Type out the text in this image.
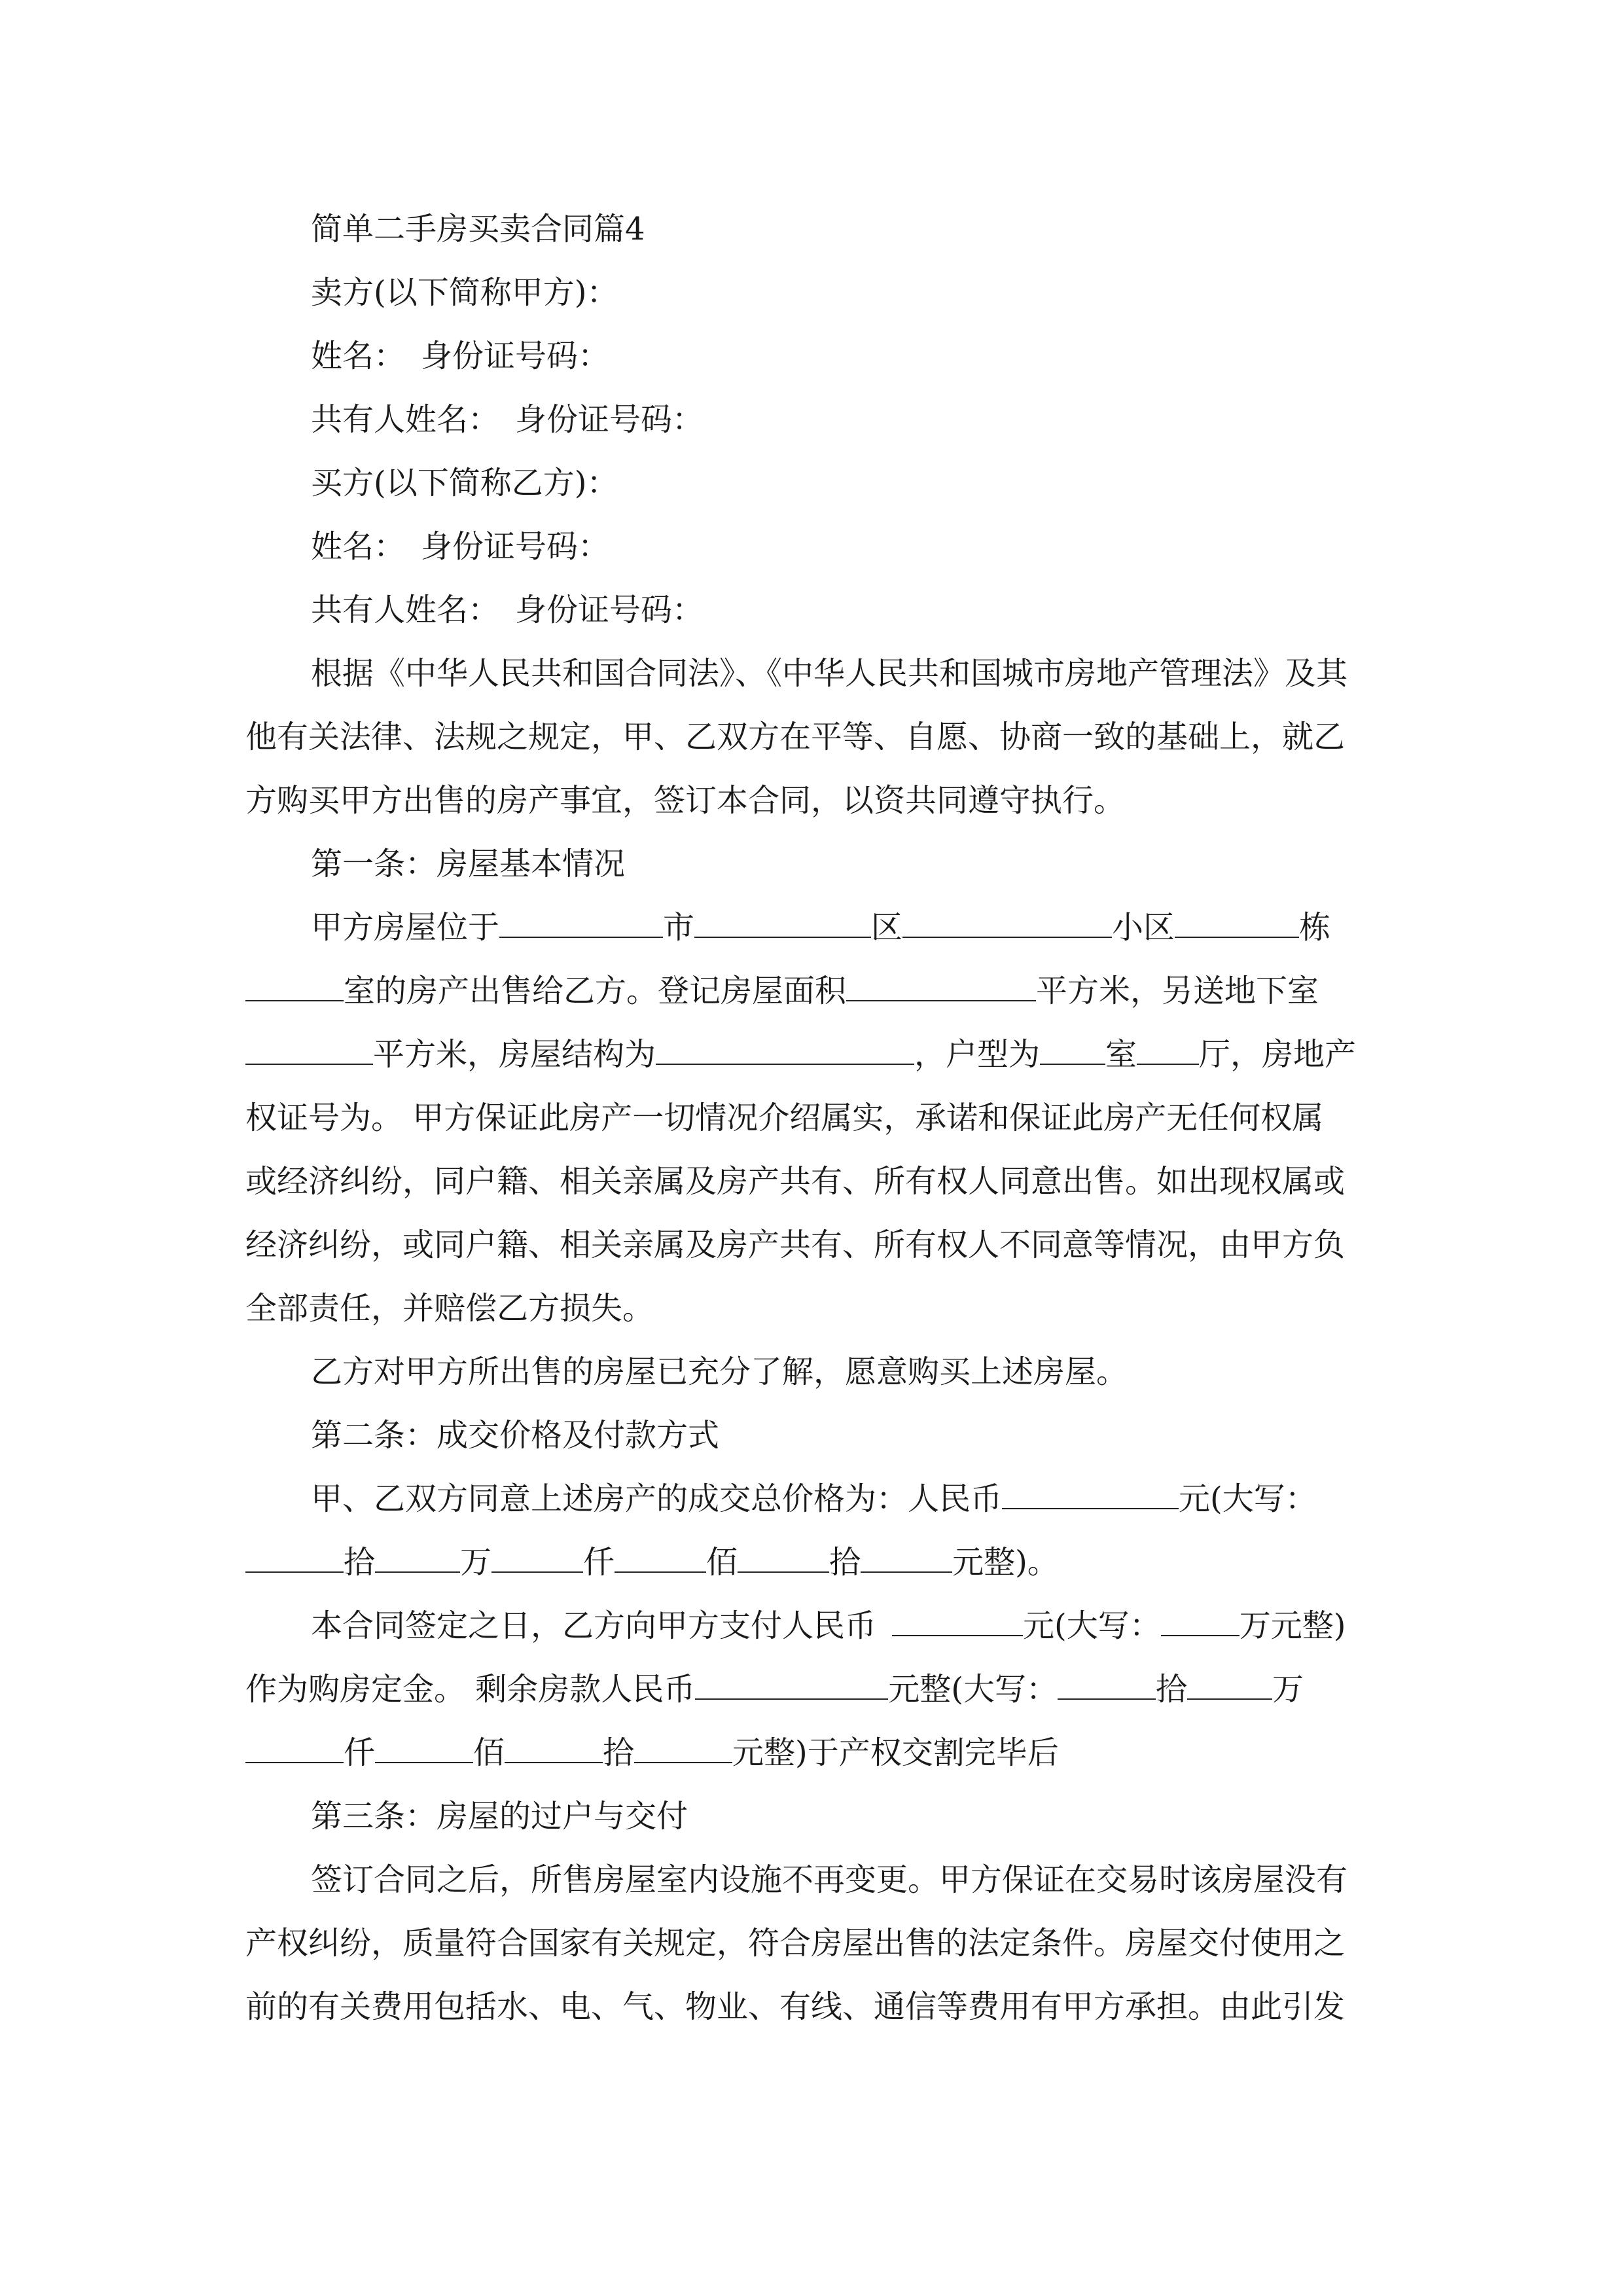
简单二手房买卖合同篇4
卖方(以下简称甲方)：
姓名：　身份证号码：
共有人姓名：　身份证号码：
买方(以下简称乙方)：
姓名：　身份证号码：
共有人姓名：　身份证号码：
根据《中华人民共和国合同法》、《中华人民共和国城市房地产管理法》及其
他有关法律、法规之规定，甲、乙双方在平等、自愿、协商一致的基础上，就乙
方购买甲方出售的房产事宜，签订本合同，以资共同遵守执行。
第一条：房屋基本情况
甲方房屋位于	市	区	小区	栋
室的房产出售给乙方。登记房屋面积	平方米，另送地下室
平方米，房屋结构为	，户型为 室 厅，房地产
权证号为。 甲方保证此房产一切情况介绍属实，承诺和保证此房产无任何权属
或经济纠纷，同户籍、相关亲属及房产共有、所有权人同意出售。如出现权属或
经济纠纷，或同户籍、相关亲属及房产共有、所有权人不同意等情况，由甲方负
全部责任，并赔偿乙方损失。
乙方对甲方所出售的房屋已充分了解，愿意购买上述房屋。
第二条：成交价格及付款方式
甲、乙双方同意上述房产的成交总价格为：人民币	元(大写：
拾	万	仟	佰	拾	元整)。
本合同签定之日，乙方向甲方支付人民币	元(大写：	万元整)
作为购房定金。 剩余房款人民币	元整(大写：	拾	万
仟	佰	拾	元整)于产权交割完毕后
第三条：房屋的过户与交付
签订合同之后，所售房屋室内设施不再变更。甲方保证在交易时该房屋没有
产权纠纷，质量符合国家有关规定，符合房屋出售的法定条件。房屋交付使用之
前的有关费用包括水、电、气、物业、有线、通信等费用有甲方承担。由此引发
